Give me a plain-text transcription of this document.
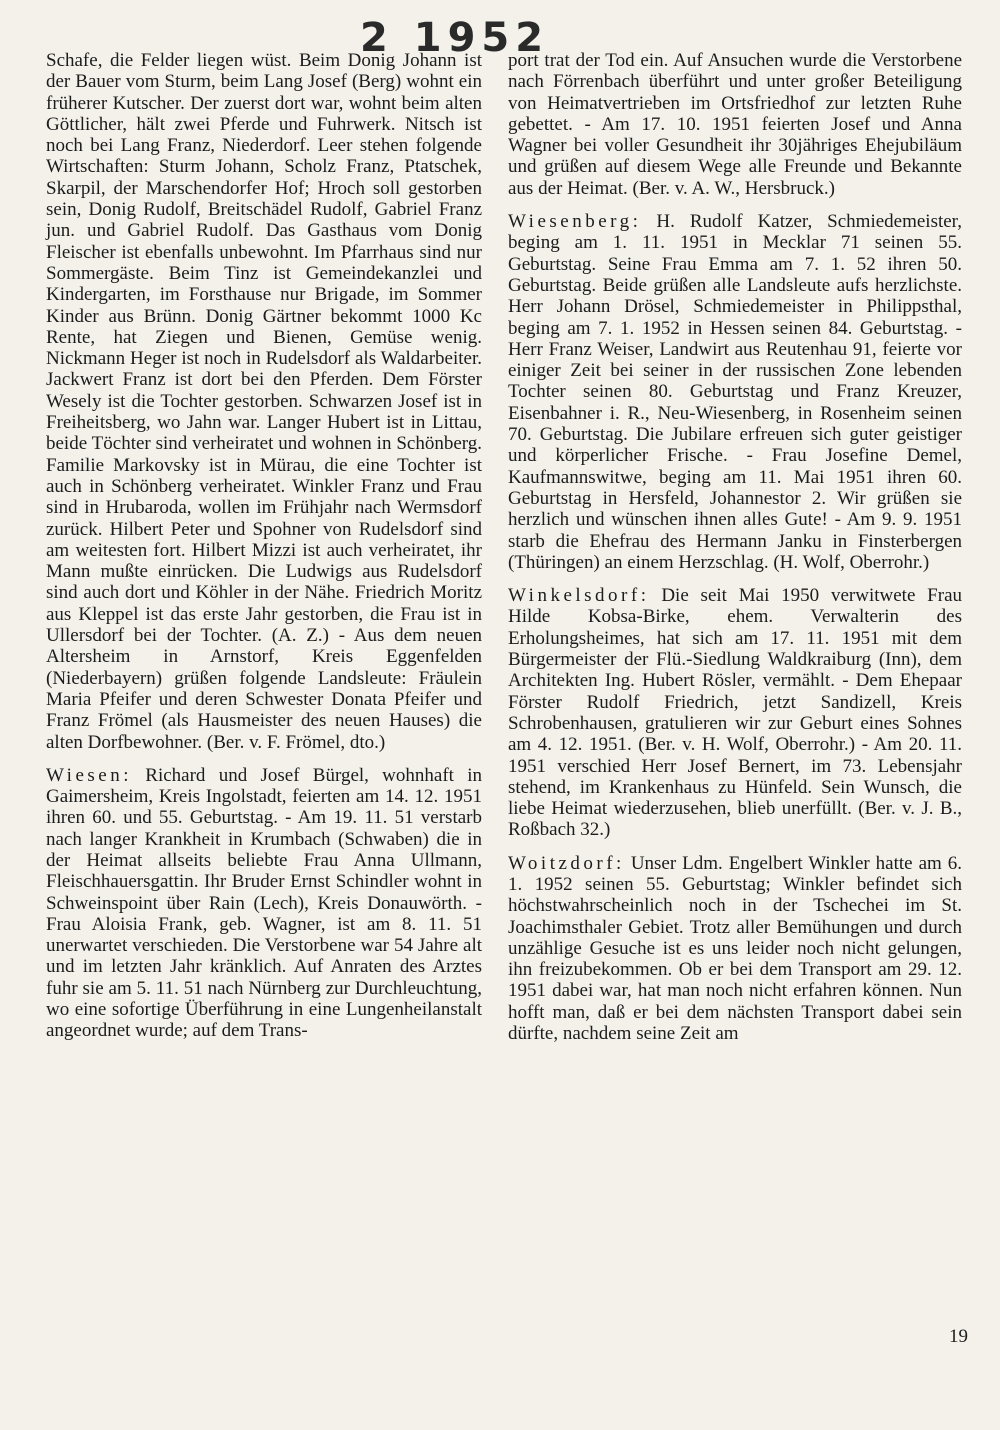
2 1952

Schafe, die Felder liegen wüst. Beim Donig Johann ist der Bauer vom Sturm, beim Lang Josef (Berg) wohnt ein früherer Kutscher. Der zuerst dort war, wohnt beim alten Göttlicher, hält zwei Pferde und Fuhrwerk. Nitsch ist noch bei Lang Franz, Niederdorf. Leer stehen folgende Wirtschaften: Sturm Johann, Scholz Franz, Ptatschek, Skarpil, der Marschendorfer Hof; Hroch soll gestorben sein, Donig Rudolf, Breitschädel Rudolf, Gabriel Franz jun. und Gabriel Rudolf. Das Gasthaus vom Donig Fleischer ist ebenfalls unbewohnt. Im Pfarrhaus sind nur Sommergäste. Beim Tinz ist Gemeindekanzlei und Kindergarten, im Forsthause nur Brigade, im Sommer Kinder aus Brünn. Donig Gärtner bekommt 1000 Kc Rente, hat Ziegen und Bienen, Gemüse wenig. Nickmann Heger ist noch in Rudelsdorf als Waldarbeiter. Jackwert Franz ist dort bei den Pferden. Dem Förster Wesely ist die Tochter gestorben. Schwarzen Josef ist in Freiheitsberg, wo Jahn war. Langer Hubert ist in Littau, beide Töchter sind verheiratet und wohnen in Schönberg. Familie Markovsky ist in Mürau, die eine Tochter ist auch in Schönberg verheiratet. Winkler Franz und Frau sind in Hrubaroda, wollen im Frühjahr nach Wermsdorf zurück. Hilbert Peter und Spohner von Rudelsdorf sind am weitesten fort. Hilbert Mizzi ist auch verheiratet, ihr Mann mußte einrücken. Die Ludwigs aus Rudelsdorf sind auch dort und Köhler in der Nähe. Friedrich Moritz aus Kleppel ist das erste Jahr gestorben, die Frau ist in Ullersdorf bei der Tochter. (A. Z.) - Aus dem neuen Altersheim in Arnstorf, Kreis Eggenfelden (Niederbayern) grüßen folgende Landsleute: Fräulein Maria Pfeifer und deren Schwester Donata Pfeifer und Franz Frömel (als Hausmeister des neuen Hauses) die alten Dorfbewohner. (Ber. v. F. Frömel, dto.)

Wiesen: Richard und Josef Bürgel, wohnhaft in Gaimersheim, Kreis Ingolstadt, feierten am 14. 12. 1951 ihren 60. und 55. Geburtstag. - Am 19. 11. 51 verstarb nach langer Krankheit in Krumbach (Schwaben) die in der Heimat allseits beliebte Frau Anna Ullmann, Fleischhauersgattin. Ihr Bruder Ernst Schindler wohnt in Schweinspoint über Rain (Lech), Kreis Donauwörth. - Frau Aloisia Frank, geb. Wagner, ist am 8. 11. 51 unerwartet verschieden. Die Verstorbene war 54 Jahre alt und im letzten Jahr kränklich. Auf Anraten des Arztes fuhr sie am 5. 11. 51 nach Nürnberg zur Durchleuchtung, wo eine sofortige Überführung in eine Lungenheilanstalt angeordnet wurde; auf dem Trans-

port trat der Tod ein. Auf Ansuchen wurde die Verstorbene nach Förrenbach überführt und unter großer Beteiligung von Heimatvertrieben im Ortsfriedhof zur letzten Ruhe gebettet. - Am 17. 10. 1951 feierten Josef und Anna Wagner bei voller Gesundheit ihr 30jähriges Ehejubiläum und grüßen auf diesem Wege alle Freunde und Bekannte aus der Heimat. (Ber. v. A. W., Hersbruck.)

Wiesenberg: H. Rudolf Katzer, Schmiedemeister, beging am 1. 11. 1951 in Mecklar 71 seinen 55. Geburtstag. Seine Frau Emma am 7. 1. 52 ihren 50. Geburtstag. Beide grüßen alle Landsleute aufs herzlichste. Herr Johann Drösel, Schmiedemeister in Philippsthal, beging am 7. 1. 1952 in Hessen seinen 84. Geburtstag. - Herr Franz Weiser, Landwirt aus Reutenhau 91, feierte vor einiger Zeit bei seiner in der russischen Zone lebenden Tochter seinen 80. Geburtstag und Franz Kreuzer, Eisenbahner i. R., Neu-Wiesenberg, in Rosenheim seinen 70. Geburtstag. Die Jubilare erfreuen sich guter geistiger und körperlicher Frische. - Frau Josefine Demel, Kaufmannswitwe, beging am 11. Mai 1951 ihren 60. Geburtstag in Hersfeld, Johannestor 2. Wir grüßen sie herzlich und wünschen ihnen alles Gute! - Am 9. 9. 1951 starb die Ehefrau des Hermann Janku in Finsterbergen (Thüringen) an einem Herzschlag. (H. Wolf, Oberrohr.)

Winkelsdorf: Die seit Mai 1950 verwitwete Frau Hilde Kobsa-Birke, ehem. Verwalterin des Erholungsheimes, hat sich am 17. 11. 1951 mit dem Bürgermeister der Flü.-Siedlung Waldkraiburg (Inn), dem Architekten Ing. Hubert Rösler, vermählt. - Dem Ehepaar Förster Rudolf Friedrich, jetzt Sandizell, Kreis Schrobenhausen, gratulieren wir zur Geburt eines Sohnes am 4. 12. 1951. (Ber. v. H. Wolf, Oberrohr.) - Am 20. 11. 1951 verschied Herr Josef Bernert, im 73. Lebensjahr stehend, im Krankenhaus zu Hünfeld. Sein Wunsch, die liebe Heimat wiederzusehen, blieb unerfüllt. (Ber. v. J. B., Roßbach 32.)

Woitzdorf: Unser Ldm. Engelbert Winkler hatte am 6. 1. 1952 seinen 55. Geburtstag; Winkler befindet sich höchstwahrscheinlich noch in der Tschechei im St. Joachimsthaler Gebiet. Trotz aller Bemühungen und durch unzählige Gesuche ist es uns leider noch nicht gelungen, ihn freizubekommen. Ob er bei dem Transport am 29. 12. 1951 dabei war, hat man noch nicht erfahren können. Nun hofft man, daß er bei dem nächsten Transport dabei sein dürfte, nachdem seine Zeit am

19
